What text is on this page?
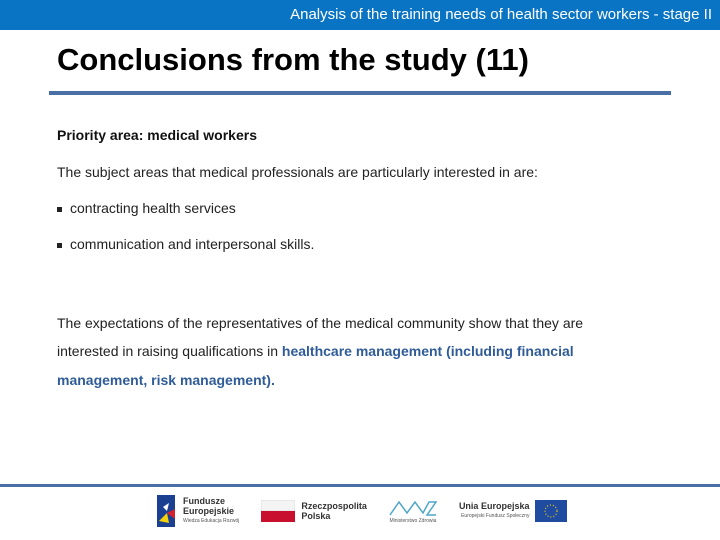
Analysis of the training needs of health sector workers - stage II
Conclusions from the study (11)
Priority area: medical workers
The subject areas that medical professionals are particularly interested in are:
contracting health services
communication and interpersonal skills.
The expectations of the representatives of the medical community show that they are
interested in raising qualifications in healthcare management (including financial
management, risk management).
Fundusze
Europejskie
Wiedza Edukacja Rozwój
Rzeczpospolita
Polska	Ministerstwo Zdrowia
Unia Europejska
Europejski Fundusz Społeczny
